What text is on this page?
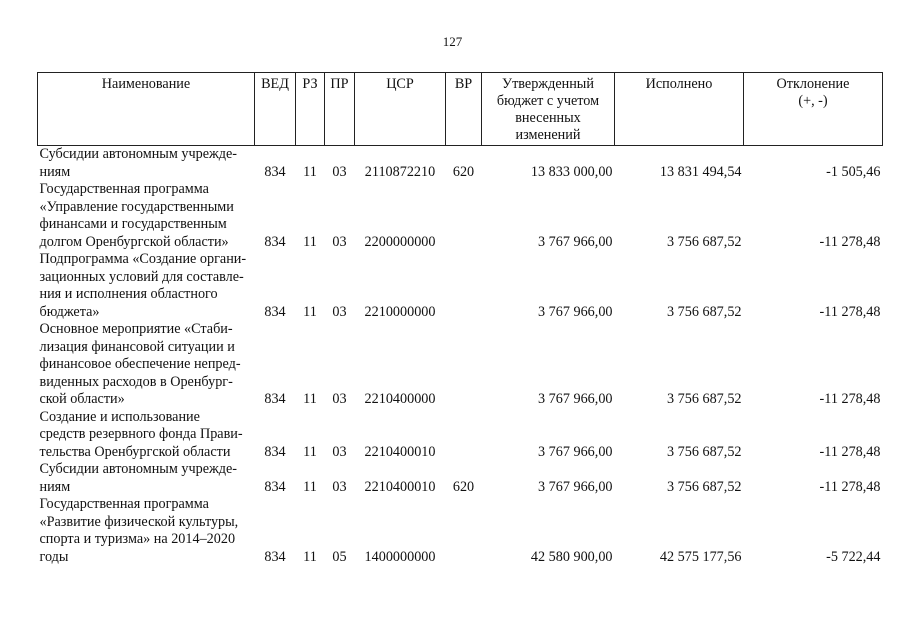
127
Наименование	ВЕД	РЗ	ПР	ЦСР	ВР	Утвержденный
бюджет с учетом
внесенных
изменений	Исполнено	Отклонение
(+, -)

Субсидии автономным учрежде-
ниям	834	11	03	2110872210	620	13 833 000,00	13 831 494,54	-1 505,46

Государственная программа
«Управление государственными
финансами и государственным
долгом Оренбургской области»	834	11	03	2200000000		3 767 966,00	3 756 687,52	-11 278,48

Подпрограмма «Создание органи-
зационных условий для составле-
ния и исполнения областного
бюджета»	834	11	03	2210000000		3 767 966,00	3 756 687,52	-11 278,48

Основное мероприятие «Стаби-
лизация финансовой ситуации и
финансовое обеспечение непред-
виденных расходов в Оренбург-
ской области»	834	11	03	2210400000		3 767 966,00	3 756 687,52	-11 278,48

Создание и использование
средств резервного фонда Прави-
тельства Оренбургской области	834	11	03	2210400010		3 767 966,00	3 756 687,52	-11 278,48

Субсидии автономным учрежде-
ниям	834	11	03	2210400010	620	3 767 966,00	3 756 687,52	-11 278,48

Государственная программа
«Развитие физической культуры,
спорта и туризма» на 2014–2020
годы	834	11	05	1400000000		42 580 900,00	42 575 177,56	-5 722,44
